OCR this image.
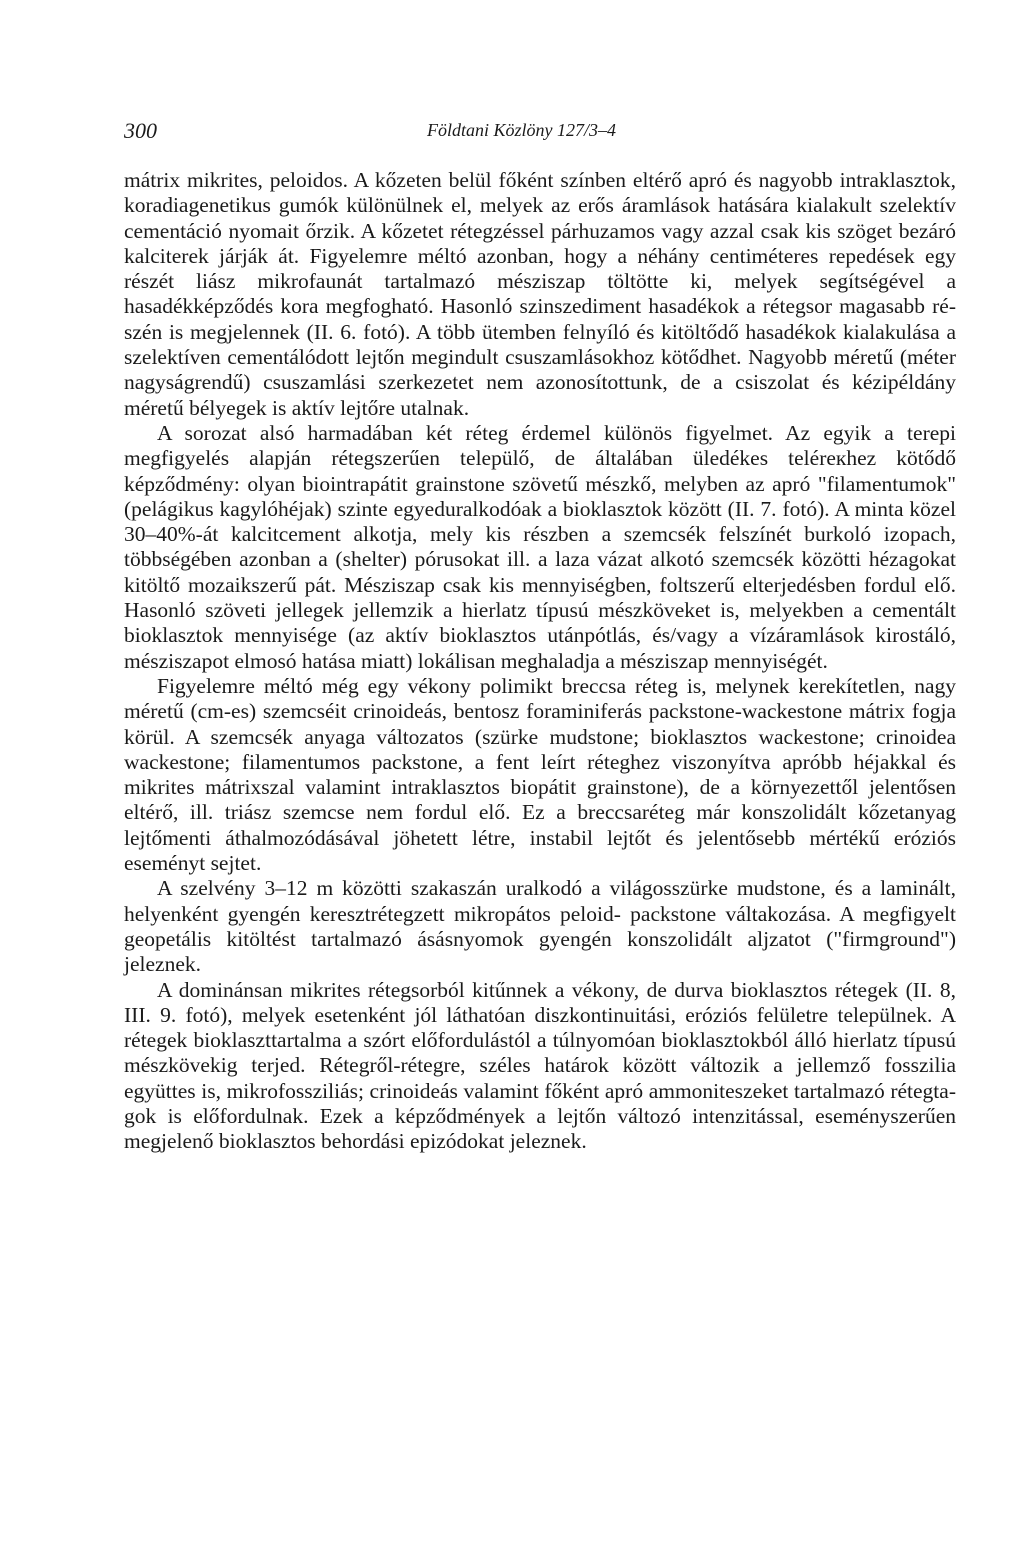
300	Földtani Közlöny 127/3–4

mátrix mikrites, peloidos. A kőzeten belül főként színben eltérő apró és nagyobb intraklasztok, koradiagenetikus gumók különülnek el, melyek az erős áramlások hatására kialakult szelektív cementáció nyomait őrzik. A kőzetet rétegzéssel párhuzamos vagy azzal csak kis szöget bezáró kalciterek járják át. Figyelemre méltó azonban, hogy a néhány centiméteres repedések egy részét liász mikrofaunát tartalmazó mésziszap töltötte ki, melyek segítségével a hasadékképződés kora megfogható. Hasonló szinszediment hasadékok a rétegsor magasabb részén is megjelennek (II. 6. fotó). A több ütemben felnyíló és kitöltődő hasadékok kialakulása a szelektíven cementálódott lejtőn megindult csuszamlásokhoz kötődhet. Nagyobb méretű (méter nagyságrendű) csuszamlási szerkezetet nem azonosítottunk, de a csiszolat és kézipéldány méretű bélyegek is aktív lejtőre utalnak.

A sorozat alsó harmadában két réteg érdemel különös figyelmet. Az egyik a terepi megfigyelés alapján rétegszerűen települő, de általában üledékes teléreкhez kötődő képződmény: olyan biointrapátit grainstone szövetű mészkő, melyben az apró "filamentumok" (pelágikus kagylóhéjak) szinte egyeduralkodóak a bioklasztok között (II. 7. fotó). A minta közel 30–40%-át kalcitcement alkotja, mely kis részben a szemcsék felszínét burkoló izopach, többségében azonban a (shelter) pórusokat ill. a laza vázat alkotó szemcsék közötti hézagokat kitöltő mozaikszerű pát. Mésziszap csak kis mennyiségben, foltszerű elterjedésben fordul elő. Hasonló szöveti jellegek jellemzik a hierlatz típusú mészköveket is, melyekben a cementált bioklasztok mennyisége (az aktív bioklasztos utánpótlás, és/vagy a vízáramlások kirostáló, mésziszapot elmosó hatása miatt) lokálisan meghaladja a mésziszap mennyiségét.

Figyelemre méltó még egy vékony polimikt breccsa réteg is, melynek kerekítetlen, nagy méretű (cm-es) szemcséit crinoideás, bentosz foraminiferás packstone-wackestone mátrix fogja körül. A szemcsék anyaga változatos (szürke mudstone; bioklasztos wackestone; crinoidea wackestone; filamentumos packstone, a fent leírt réteghez viszonyítva apróbb héjakkal és mikrites mátrixszal valamint intraklasztos biopátit grainstone), de a környezettől jelentősen eltérő, ill. triász szemcse nem fordul elő. Ez a breccsaréteg már konszolidált kőzetanyag lejtőmenti áthalmozódásával jöhetett létre, instabil lejtőt és jelentősebb mértékű eróziós eseményt sejtet.

A szelvény 3–12 m közötti szakaszán uralkodó a világosszürke mudstone, és a laminált, helyenként gyengén keresztrétegzett mikropátos peloid- packstone váltakozása. A megfigyelt geopetális kitöltést tartalmazó ásásnyomok gyengén konszolidált aljzatot ("firmground") jeleznek.

A dominánsan mikrites rétegsorból kitűnnek a vékony, de durva bioklasztos rétegek (II. 8, III. 9. fotó), melyek esetenként jól láthatóan diszkontinuitási, eróziós felületre települnek. A rétegek bioklaszttartalma a szórt előfordulástól a túlnyomóan bioklasztokból álló hierlatz típusú mészkövekig terjed. Rétegről-rétegre, széles határok között változik a jellemző fosszilia együttes is, mikrofossziliás; crinoideás valamint főként apró ammoniteszeket tartalmazó rétegtagok is előfordulnak. Ezek a képződmények a lejtőn változó intenzitással, eseményszerűen megjelenő bioklasztos behordási epizódokat jeleznek.
